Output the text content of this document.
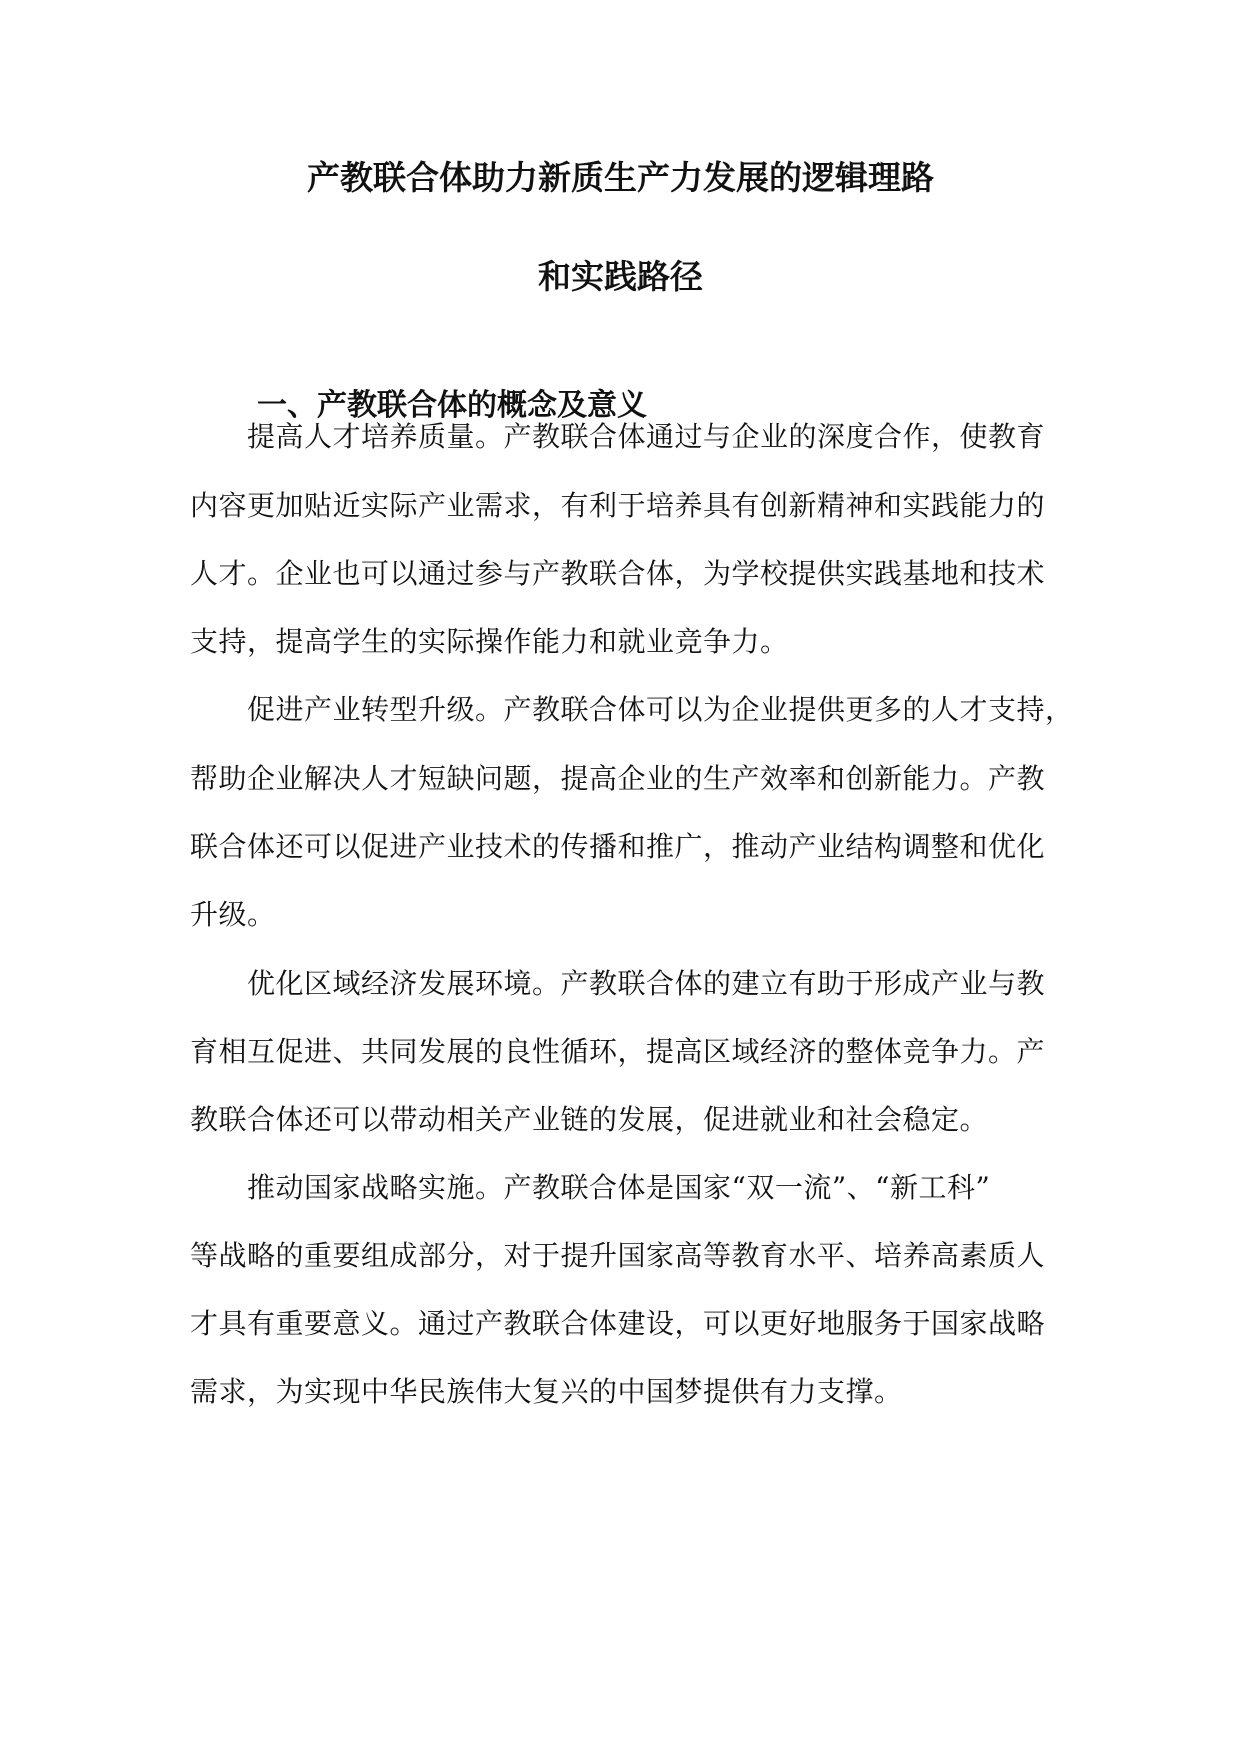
产教联合体助力新质生产力发展的逻辑理路
和实践路径
一、产教联合体的概念及意义
提高人才培养质量。产教联合体通过与企业的深度合作，使教育
内容更加贴近实际产业需求，有利于培养具有创新精神和实践能力的
人才。企业也可以通过参与产教联合体，为学校提供实践基地和技术
支持，提高学生的实际操作能力和就业竞争力。
促进产业转型升级。产教联合体可以为企业提供更多的人才支持，
帮助企业解决人才短缺问题，提高企业的生产效率和创新能力。产教
联合体还可以促进产业技术的传播和推广，推动产业结构调整和优化
升级。
优化区域经济发展环境。产教联合体的建立有助于形成产业与教
育相互促进、共同发展的良性循环，提高区域经济的整体竞争力。产
教联合体还可以带动相关产业链的发展，促进就业和社会稳定。
推动国家战略实施。产教联合体是国家“双一流”、“新工科”
等战略的重要组成部分，对于提升国家高等教育水平、培养高素质人
才具有重要意义。通过产教联合体建设，可以更好地服务于国家战略
需求，为实现中华民族伟大复兴的中国梦提供有力支撑。
